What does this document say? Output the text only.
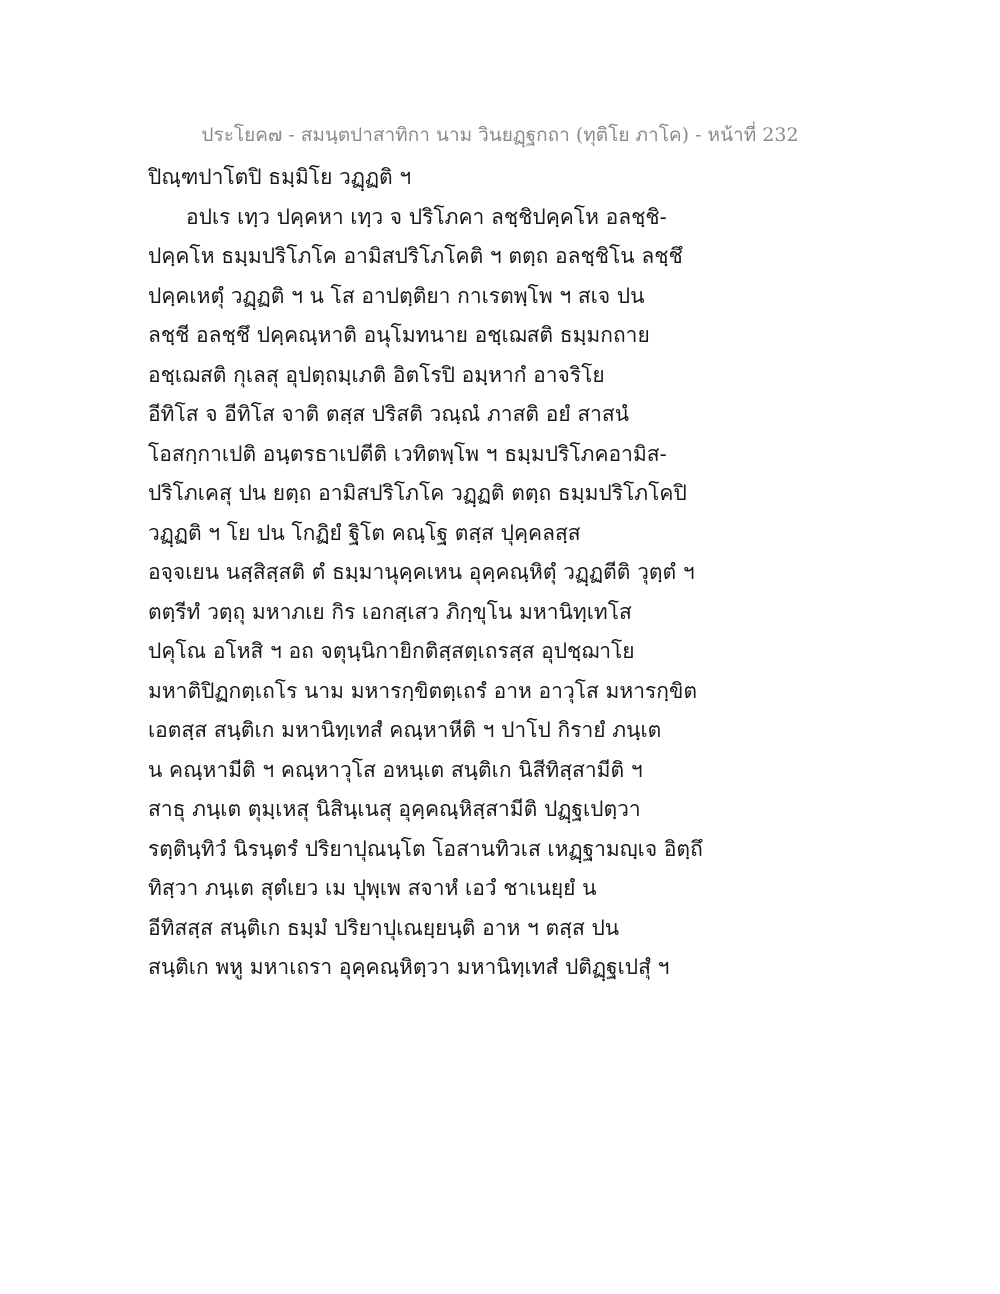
ประโยค๗ - สมนฺตปาสาทิกา นาม วินยฏฺฐกถา (ทุติโย ภาโค) - หน้าที่ 232
ปิณฺฑปาโตปิ ธมฺมิโย วฏฺฏติ ฯ
อปเร เทฺว ปคฺคหา เทฺว จ ปริโภคา ลชฺชิปคฺคโห อลชฺชิ-
ปคฺคโห ธมฺมปริโภโค อามิสปริโภโคติ ฯ ตตฺถ อลชฺชิโน ลชฺชึ
ปคฺคเหตุํ วฏฺฏติ ฯ น โส อาปตฺติยา กาเรตพฺโพ ฯ สเจ ปน
ลชฺชี อลชฺชึ ปคฺคณฺหาติ อนุโมทนาย อชฺเฌสติ ธมฺมกถาย
อชฺเฌสติ กุเลสุ อุปตฺถมฺเภติ อิตโรปิ อมฺหากํ อาจริโย
อีทิโส จ อีทิโส จาติ ตสฺส ปริสติ วณฺณํ ภาสติ อยํ สาสนํ
โอสกฺกาเปติ อนฺตรธาเปตีติ เวทิตพฺโพ ฯ ธมฺมปริโภคอามิส-
ปริโภเคสุ ปน ยตฺถ อามิสปริโภโค วฏฺฏติ ตตฺถ ธมฺมปริโภโคปิ
วฏฺฏติ ฯ โย ปน โกฏิยํ ฐิโต คณฺโฐ ตสฺส ปุคฺคลสฺส
อจฺจเยน นสฺสิสฺสติ ตํ ธมฺมานุคฺคเหน อุคฺคณฺหิตุํ วฏฺฏตีติ วุตฺตํ ฯ
ตตฺรีทํ วตฺถุ มหาภเย กิร เอกสฺเสว ภิกฺขุโน มหานิทฺเทโส
ปคุโณ อโหสิ ฯ อถ จตุนฺนิกายิกติสฺสตฺเถรสฺส อุปชฺฌาโย
มหาติปิฏกตฺเถโร นาม มหารกฺขิตตฺเถรํ อาห อาวุโส มหารกฺขิต
เอตสฺส สนฺติเก มหานิทฺเทสํ คณฺหาหีติ ฯ ปาโป กิรายํ ภนฺเต
น คณฺหามีติ ฯ คณฺหาวุโส อหนฺเต สนฺติเก นิสีทิสฺสามีติ ฯ
สาธุ ภนฺเต ตุมฺเหสุ นิสินฺเนสุ อุคฺคณฺหิสฺสามีติ ปฏฺฐเปตฺวา
รตฺตินฺทิวํ นิรนฺตรํ ปริยาปุณนฺโต โอสานทิวเส เหฏฺฐามญฺเจ อิตฺถึ
ทิสฺวา ภนฺเต สุตํเยว เม ปุพฺเพ สจาหํ เอวํ ชาเนยฺยํ น
อีทิสสฺส สนฺติเก ธมฺมํ ปริยาปุเณยฺยนฺติ อาห ฯ ตสฺส ปน
สนฺติเก พหู มหาเถรา อุคฺคณฺหิตฺวา มหานิทฺเทสํ ปติฏฺฐเปสุํ ฯ
